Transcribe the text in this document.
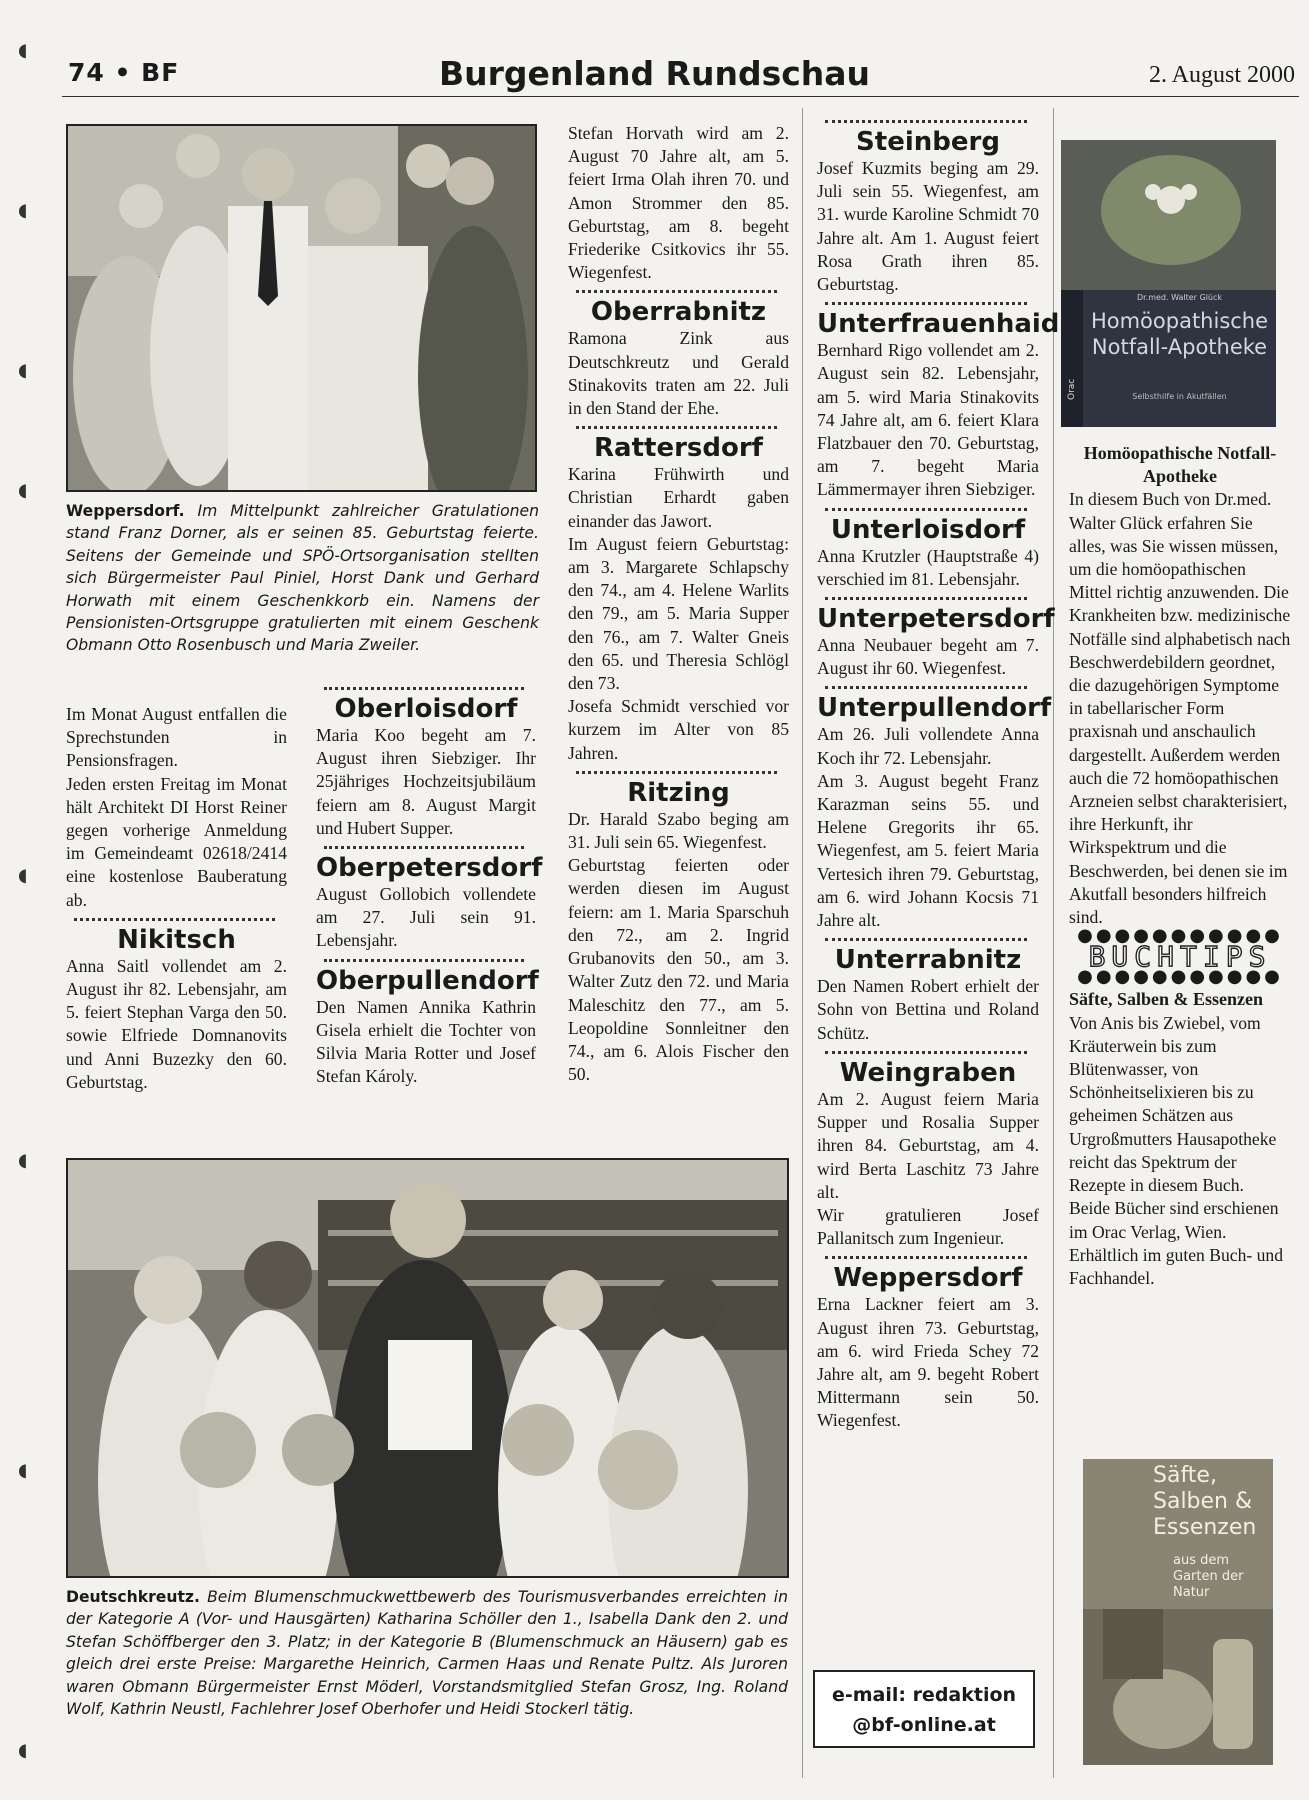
◖
◖
◖
◖
◖
◖
◖
◖
74 • BF	Burgenland Rundschau	2. August 2000
Weppersdorf. Im Mittelpunkt zahlreicher Gratulationen stand Franz Dorner, als er seinen 85. Geburtstag feierte. Seitens der Gemeinde und SPÖ-Ortsorganisation stellten sich Bürgermeister Paul Piniel, Horst Dank und Gerhard Horwath mit einem Geschenkkorb ein. Namens der Pensionisten-Ortsgruppe gratulierten mit einem Geschenk Obmann Otto Rosenbusch und Maria Zweiler.

Im Monat August entfallen die Sprechstunden in Pensionsfragen.

Jeden ersten Freitag im Monat hält Architekt DI Horst Reiner gegen vorherige Anmeldung im Gemeindeamt 02618/2414 eine kostenlose Bauberatung ab.

Nikitsch

Anna Saitl vollendet am 2. August ihr 82. Lebensjahr, am 5. feiert Stephan Varga den 50. sowie Elfriede Domnanovits und Anni Buzezky den 60. Geburtstag.

Oberloisdorf

Maria Koo begeht am 7. August ihren Siebziger. Ihr 25jähriges Hochzeitsjubiläum feiern am 8. August Margit und Hubert Supper.

Oberpetersdorf

August Gollobich vollendete am 27. Juli sein 91. Lebensjahr.

Oberpullendorf

Den Namen Annika Kathrin Gisela erhielt die Tochter von Silvia Maria Rotter und Josef Stefan Károly.

Stefan Horvath wird am 2. August 70 Jahre alt, am 5. feiert Irma Olah ihren 70. und Amon Strommer den 85. Geburtstag, am 8. begeht Friederike Csitkovics ihr 55. Wiegenfest.

Oberrabnitz

Ramona Zink aus Deutschkreutz und Gerald Stinakovits traten am 22. Juli in den Stand der Ehe.

Rattersdorf

Karina Frühwirth und Christian Erhardt gaben einander das Jawort.

Im August feiern Geburtstag: am 3. Margarete Schlapschy den 74., am 4. Helene Warlits den 79., am 5. Maria Supper den 76., am 7. Walter Gneis den 65. und Theresia Schlögl den 73.

Josefa Schmidt verschied vor kurzem im Alter von 85 Jahren.

Ritzing

Dr. Harald Szabo beging am 31. Juli sein 65. Wiegenfest.

Geburtstag feierten oder werden diesen im August feiern: am 1. Maria Sparschuh den 72., am 2. Ingrid Grubanovits den 50., am 3. Walter Zutz den 72. und Maria Maleschitz den 77., am 5. Leopoldine Sonnleitner den 74., am 6. Alois Fischer den 50.

Deutschkreutz. Beim Blumenschmuckwettbewerb des Tourismusverbandes erreichten in der Kategorie A (Vor- und Hausgärten) Katharina Schöller den 1., Isabella Dank den 2. und Stefan Schöffberger den 3. Platz; in der Kategorie B (Blumenschmuck an Häusern) gab es gleich drei erste Preise: Margarethe Heinrich, Carmen Haas und Renate Pultz. Als Juroren waren Obmann Bürgermeister Ernst Möderl, Vorstandsmitglied Stefan Grosz, Ing. Roland Wolf, Kathrin Neustl, Fachlehrer Josef Oberhofer und Heidi Stockerl tätig.
Steinberg

Josef Kuzmits beging am 29. Juli sein 55. Wiegenfest, am 31. wurde Karoline Schmidt 70 Jahre alt. Am 1. August feiert Rosa Grath ihren 85. Geburtstag.

Unterfrauenhaid

Bernhard Rigo vollendet am 2. August sein 82. Lebensjahr, am 5. wird Maria Stinakovits 74 Jahre alt, am 6. feiert Klara Flatzbauer den 70. Geburtstag, am 7. begeht Maria Lämmermayer ihren Siebziger.

Unterloisdorf

Anna Krutzler (Hauptstraße 4) verschied im 81. Lebensjahr.

Unterpetersdorf

Anna Neubauer begeht am 7. August ihr 60. Wiegenfest.

Unterpullendorf

Am 26. Juli vollendete Anna Koch ihr 72. Lebensjahr.

Am 3. August begeht Franz Karazman seins 55. und Helene Gregorits ihr 65. Wiegenfest, am 5. feiert Maria Vertesich ihren 79. Geburtstag, am 6. wird Johann Kocsis 71 Jahre alt.

Unterrabnitz

Den Namen Robert erhielt der Sohn von Bettina und Roland Schütz.

Weingraben

Am 2. August feiern Maria Supper und Rosalia Supper ihren 84. Geburtstag, am 4. wird Berta Laschitz 73 Jahre alt.

Wir gratulieren Josef Pallanitsch zum Ingenieur.

Weppersdorf

Erna Lackner feiert am 3. August ihren 73. Geburtstag, am 6. wird Frieda Schey 72 Jahre alt, am 9. begeht Robert Mittermann sein 50. Wiegenfest.

e-mail: redaktion
@bf-online.at
Dr.med. Walter Glück
Homöopathische Notfall-Apotheke
Selbsthilfe in Akutfällen
Orac

Homöopathische Notfall-Apotheke

In diesem Buch von Dr.med. Walter Glück erfahren Sie alles, was Sie wissen müssen, um die homöopathischen Mittel richtig anzuwenden. Die Krankheiten bzw. medizinische Notfälle sind alphabetisch nach Beschwerdebildern geordnet, die dazugehörigen Symptome in tabellarischer Form praxisnah und anschaulich dargestellt. Außerdem werden auch die 72 homöopathischen Arzneien selbst charakterisiert, ihre Herkunft, ihr Wirkspektrum und die Beschwerden, bei denen sie im Akutfall besonders hilfreich sind.

●●●●●●●●●●●
BUCHTIPS
●●●●●●●●●●●

Säfte, Salben & Essenzen

Von Anis bis Zwiebel, vom Kräuterwein bis zum Blütenwasser, von Schönheitselixieren bis zu geheimen Schätzen aus Urgroßmutters Hausapotheke reicht das Spektrum der Rezepte in diesem Buch.

Beide Bücher sind erschienen im Orac Verlag, Wien.

Erhältlich im guten Buch- und Fachhandel.

Säfte, Salben & Essenzen
aus dem Garten der Natur
